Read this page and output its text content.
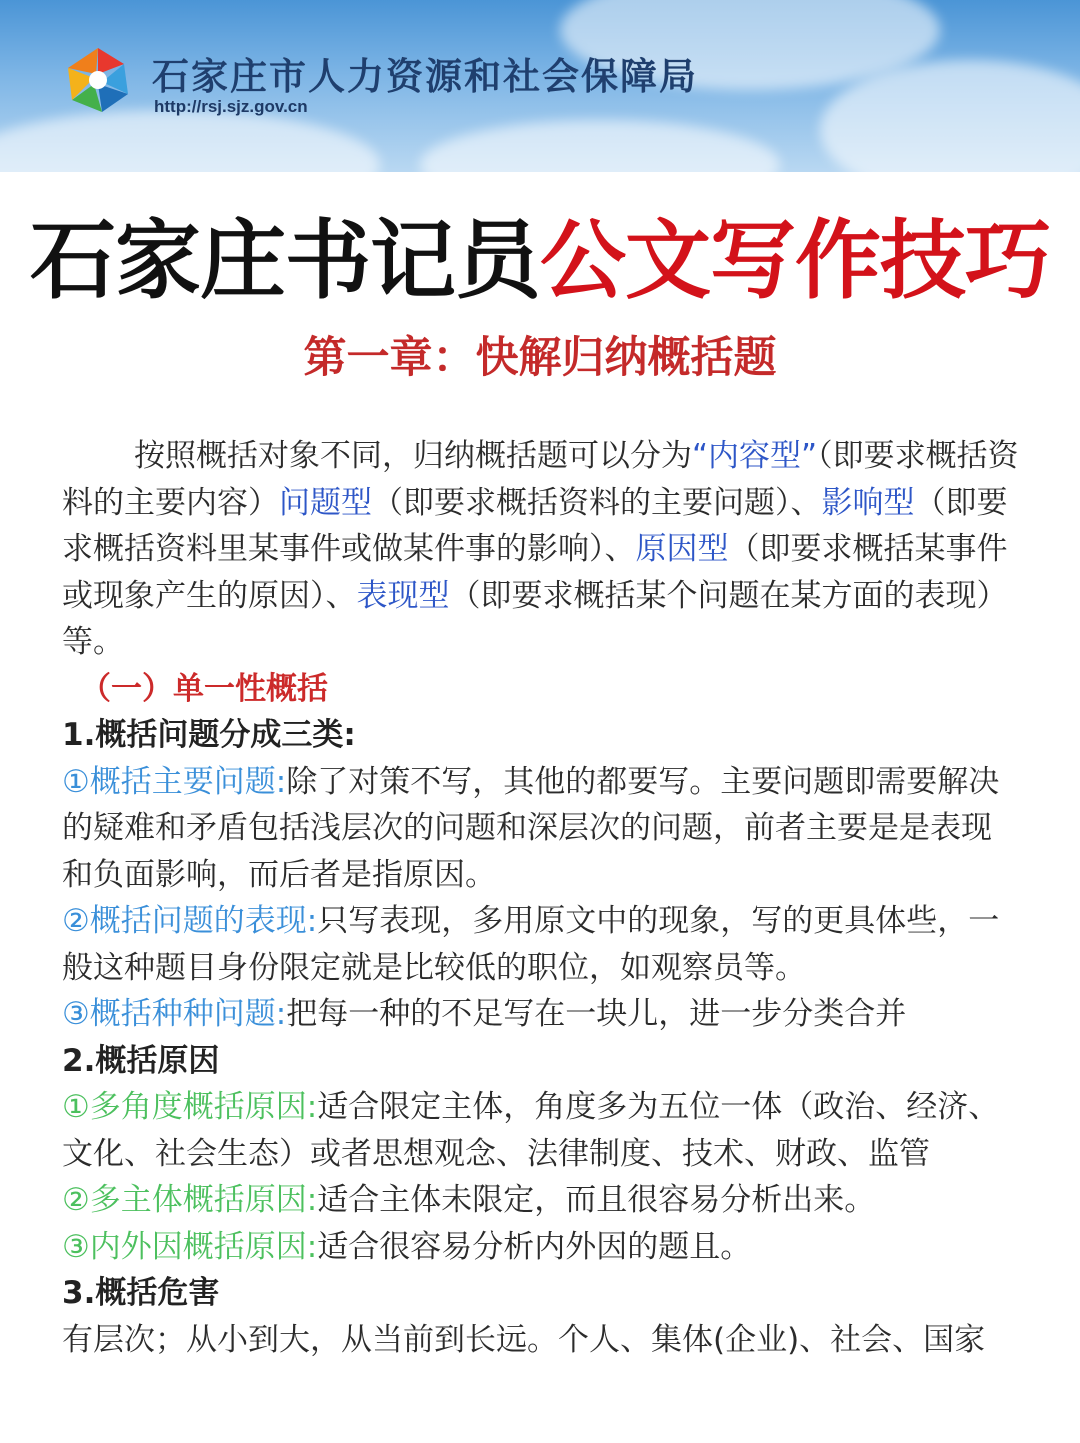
石家庄市人力资源和社会保障局
http://rsj.sjz.gov.cn
石家庄书记员公文写作技巧
第一章：快解归纳概括题

按照概括对象不同，归纳概括题可以分为“内容型”（即要求概括资料的主要内容）问题型（即要求概括资料的主要问题）、影响型（即要求概括资料里某事件或做某件事的影响）、原因型（即要求概括某事件或现象产生的原因）、表现型（即要求概括某个问题在某方面的表现）等。

（一）单一性概括

1.概括问题分成三类:

①概括主要问题:除了对策不写，其他的都要写。主要问题即需要解决的疑难和矛盾包括浅层次的问题和深层次的问题，前者主要是是表现和负面影响，而后者是指原因。

②概括问题的表现:只写表现，多用原文中的现象，写的更具体些，一般这种题目身份限定就是比较低的职位，如观察员等。

③概括种种问题:把每一种的不足写在一块儿，进一步分类合并

2.概括原因

①多角度概括原因:适合限定主体，角度多为五位一体（政治、经济、文化、社会生态）或者思想观念、法律制度、技术、财政、监管

②多主体概括原因:适合主体未限定，而且很容易分析出来。

③内外因概括原因:适合很容易分析内外因的题且。

3.概括危害

有层次；从小到大，从当前到长远。个人、集体(企业)、社会、国家
